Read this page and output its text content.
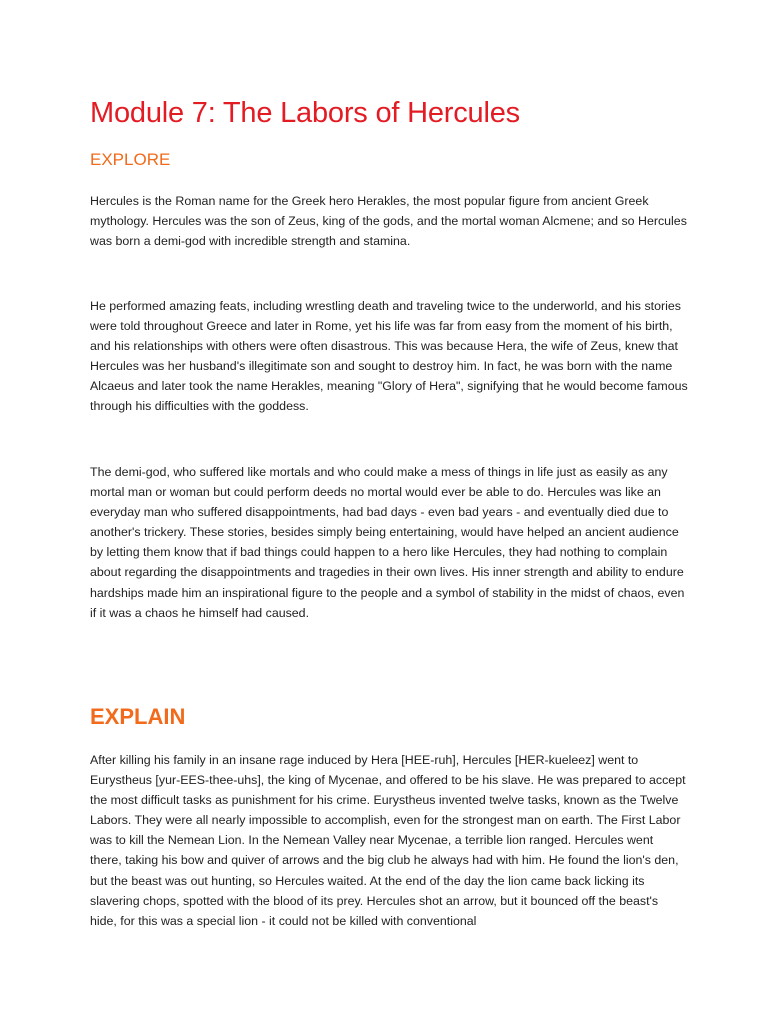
Module 7: The Labors of Hercules
EXPLORE

Hercules is the Roman name for the Greek hero Herakles, the most popular figure from ancient Greek mythology. Hercules was the son of Zeus, king of the gods, and the mortal woman Alcmene; and so Hercules was born a demi-god with incredible strength and stamina.

He performed amazing feats, including wrestling death and traveling twice to the underworld, and his stories were told throughout Greece and later in Rome, yet his life was far from easy from the moment of his birth, and his relationships with others were often disastrous. This was because Hera, the wife of Zeus, knew that Hercules was her husband's illegitimate son and sought to destroy him. In fact, he was born with the name Alcaeus and later took the name Herakles, meaning "Glory of Hera", signifying that he would become famous through his difficulties with the goddess.

The demi-god, who suffered like mortals and who could make a mess of things in life just as easily as any mortal man or woman but could perform deeds no mortal would ever be able to do. Hercules was like an everyday man who suffered disappointments, had bad days - even bad years - and eventually died due to another's trickery. These stories, besides simply being entertaining, would have helped an ancient audience by letting them know that if bad things could happen to a hero like Hercules, they had nothing to complain about regarding the disappointments and tragedies in their own lives. His inner strength and ability to endure hardships made him an inspirational figure to the people and a symbol of stability in the midst of chaos, even if it was a chaos he himself had caused.

EXPLAIN

After killing his family in an insane rage induced by Hera [HEE-ruh], Hercules [HER-kueleez] went to Eurystheus [yur-EES-thee-uhs], the king of Mycenae, and offered to be his slave. He was prepared to accept the most difficult tasks as punishment for his crime. Eurystheus invented twelve tasks, known as the Twelve Labors. They were all nearly impossible to accomplish, even for the strongest man on earth. The First Labor was to kill the Nemean Lion. In the Nemean Valley near Mycenae, a terrible lion ranged. Hercules went there, taking his bow and quiver of arrows and the big club he always had with him. He found the lion's den, but the beast was out hunting, so Hercules waited. At the end of the day the lion came back licking its slavering chops, spotted with the blood of its prey. Hercules shot an arrow, but it bounced off the beast's hide, for this was a special lion - it could not be killed with conventional
